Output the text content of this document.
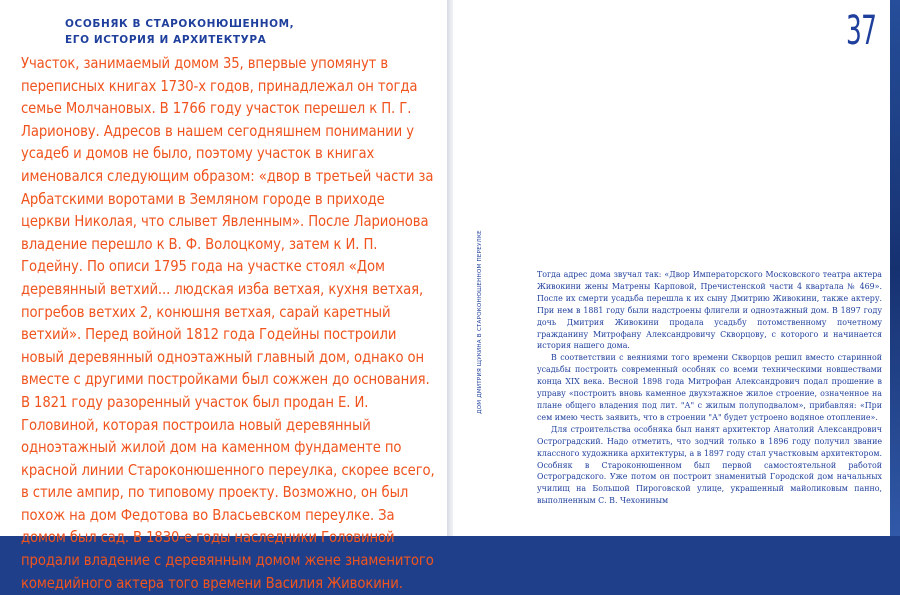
ОСОБНЯК В СТАРОКОНЮШЕННОМ,
ЕГО ИСТОРИЯ И АРХИТЕКТУРА

Участок, занимаемый домом 35, впервые упомянут в переписных книгах 1730-х годов, принадлежал он тогда семье Молчановых. В 1766 году участок перешел к П. Г. Ларионову. Адресов в нашем сегодняшнем понимании у усадеб и домов не было, поэтому участок в книгах именовался следующим образом: «двор в третьей части за Арбатскими воротами в Земляном городе в приходе церкви Николая, что слывет Явленным». После Ларионова владение перешло к В. Ф. Волоцкому, затем к И. П. Годейну. По описи 1795 года на участке стоял «Дом деревянный ветхий... людская изба ветхая, кухня ветхая, погребов ветхих 2, конюшня ветхая, сарай каретный ветхий». Перед войной 1812 года Годейны построили новый деревянный одноэтажный главный дом, однако он вместе с другими постройками был сожжен до основания. В 1821 году разоренный участок был продан Е. И. Головиной, которая построила новый деревянный одноэтажный жилой дом на каменном фундаменте по красной линии Староконюшенного переулка, скорее всего, в стиле ампир, по типовому проекту. Возможно, он был похож на дом Федотова во Власьевском переулке. За домом был сад. В 1830-е годы наследники Головиной продали владение с деревянным домом жене знаменитого комедийного актера того времени Василия Живокини.

37
ДОМ ДМИТРИЯ ЩУКИНА В СТАРОКОНЮШЕННОМ ПЕРЕУЛКЕ	Тогда адрес дома звучал так: «Двор Императорского Московского театра актера Живокини жены Матрены Карповой, Пречистенской части 4 квартала № 469». После их смерти усадьба перешла к их сыну Дмитрию Живокини, также актеру. При нем в 1881 году были надстроены флигели и одноэтажный дом. В 1897 году дочь Дмитрия Живокини продала усадьбу потомственному почетному гражданину Митрофану Александровичу Скворцову, с которого и начинается история нашего дома.

В соответствии с веяниями того времени Скворцов решил вместо старинной усадьбы построить современный особняк со всеми техническими новшествами конца XIX века. Весной 1898 года Митрофан Александрович подал прошение в управу «построить вновь каменное двухэтажное жилое строение, означенное на плане общего владения под лит. "А" с жилым полуподвалом», прибавляя: «При сем имею честь заявить, что в строении "А" будет устроено водяное отопление».

Для строительства особняка был нанят архитектор Анатолий Александрович Остроградский. Надо отметить, что зодчий только в 1896 году получил звание классного художника архитектуры, а в 1897 году стал участковым архитектором. Особняк в Староконюшенном был первой самостоятельной работой Остроградского. Уже потом он построит знаменитый Городской дом начальных училищ на Большой Пироговской улице, украшенный майоликовым панно, выполненным С. В. Чехониным
